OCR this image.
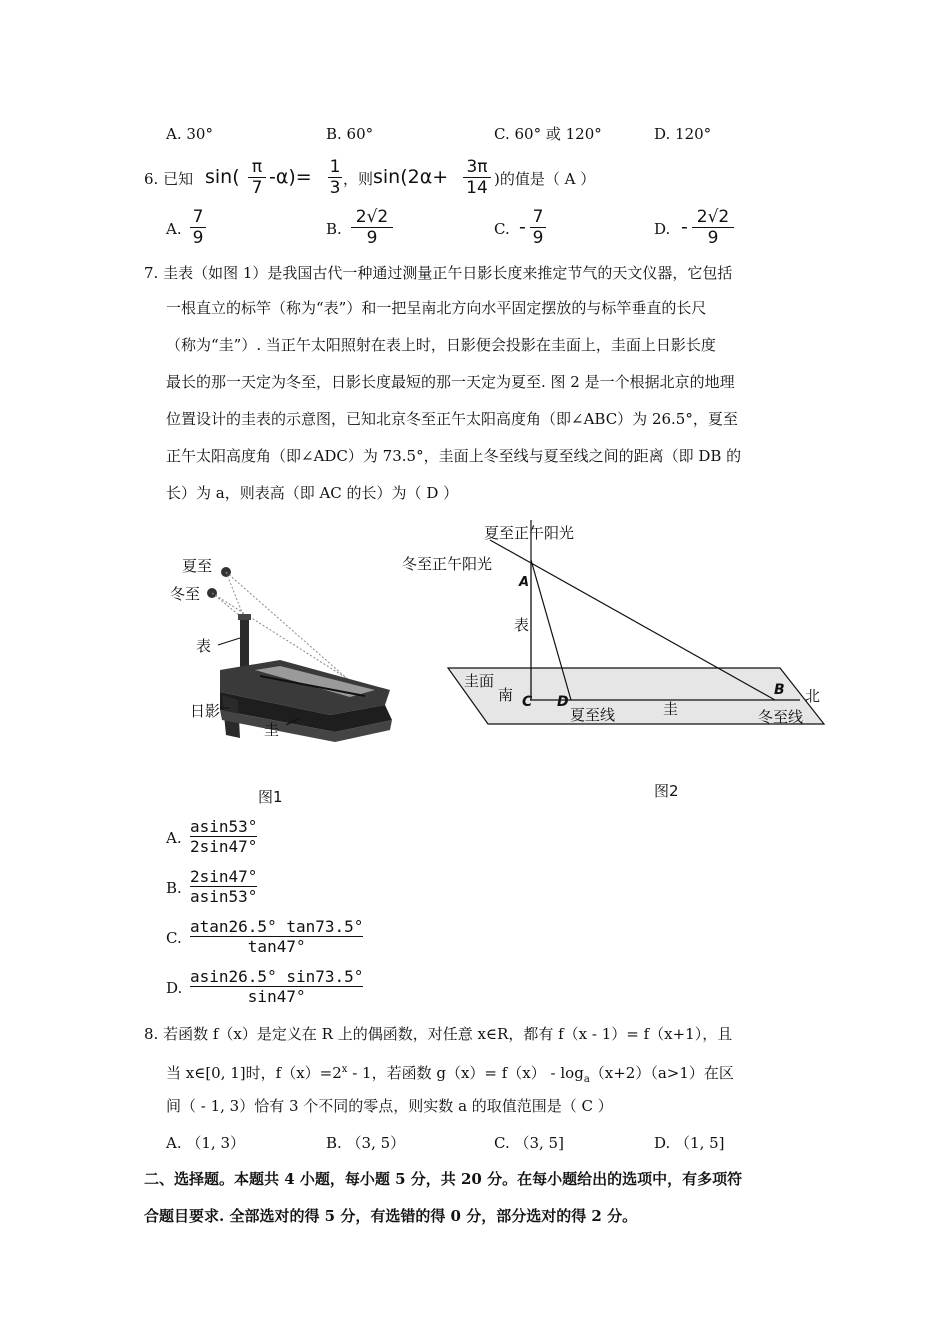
A. 30°	B. 60°	C. 60° 或 120°	D. 120°
6. 已知 $\sin( \frac{\pi}{7} -\alpha)= \frac{1}{3}$ ，则 $\sin(2\alpha+ \frac{3\pi}{14}$ )的值是（ A ）
A. $\frac{7}{9}$	B. $\frac{2√2}{9}$	C. - $\frac{7}{9}$	D. - $\frac{2√2}{9}$
7. 圭表（如图 1）是我国古代一种通过测量正午日影长度来推定节气的天文仪器，它包括
一根直立的标竿（称为“表”）和一把呈南北方向水平固定摆放的与标竿垂直的长尺
（称为“圭”）. 当正午太阳照射在表上时，日影便会投影在圭面上，圭面上日影长度
最长的那一天定为冬至，日影长度最短的那一天定为夏至. 图 2 是一个根据北京的地理
位置设计的圭表的示意图，已知北京冬至正午太阳高度角（即∠ABC）为 26.5°，夏至
正午太阳高度角（即∠ADC）为 73.5°，圭面上冬至线与夏至线之间的距离（即 DB 的
长）为 a，则表高（即 AC 的长）为（ D ）
夏至
冬至
表
日影
圭
图1
夏至正午阳光
冬至正午阳光
A
表
圭面
南 C D
夏至线	圭
B 北
冬至线
图2
A. $\frac{asin53^\circ}{2\sin 47^\circ}$
B. $\frac{2\sin 47^\circ}{asin53^\circ}$
C. $\frac{atan26.5^\circ \tan 73.5^\circ}{\tan 47^\circ}$
D. $\frac{asin26.5^\circ \sin 73.5^\circ}{\sin 47^\circ}$
8. 若函数 f（x）是定义在 R 上的偶函数，对任意 x∈R，都有 f（x - 1）= f（x+1），且
当 x∈[0, 1]时，$f(x)=2^x - 1$，若函数 $g(x)= f(x) - \log_a(x+2)(a>1)$在区
间（ - 1, 3）恰有 3 个不同的零点，则实数 a 的取值范围是（ C ）
A. （1, 3）	B. （3, 5）	C. （3, 5]	D. （1, 5]
二、选择题。本题共 4 小题，每小题 5 分，共 20 分。在每小题给出的选项中，有多项符
合题目要求. 全部选对的得 5 分，有选错的得 0 分，部分选对的得 2 分。
